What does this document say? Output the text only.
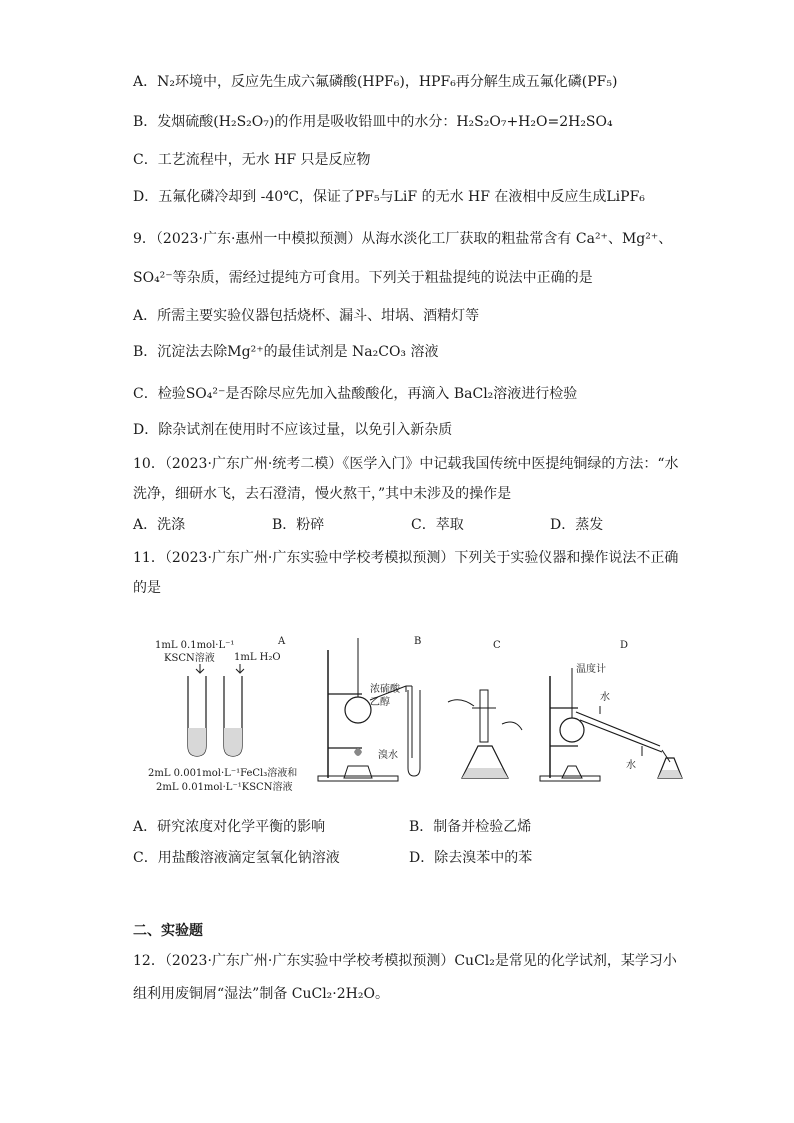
A．N₂环境中，反应先生成六氟磷酸(HPF₆)，HPF₆再分解生成五氟化磷(PF₅)
B．发烟硫酸(H₂S₂O₇)的作用是吸收铅皿中的水分：H₂S₂O₇+H₂O=2H₂SO₄
C．工艺流程中，无水 HF 只是反应物
D．五氟化磷冷却到 -40℃，保证了PF₅与LiF 的无水 HF 在液相中反应生成LiPF₆
9．（2023·广东·惠州一中模拟预测）从海水淡化工厂获取的粗盐常含有 Ca²⁺、Mg²⁺、
SO₄²⁻等杂质，需经过提纯方可食用。下列关于粗盐提纯的说法中正确的是
A．所需主要实验仪器包括烧杯、漏斗、坩埚、酒精灯等
B．沉淀法去除Mg²⁺的最佳试剂是 Na₂CO₃ 溶液
C．检验SO₄²⁻是否除尽应先加入盐酸酸化，再滴入 BaCl₂溶液进行检验
D．除杂试剂在使用时不应该过量，以免引入新杂质
10．（2023·广东广州·统考二模）《医学入门》中记载我国传统中医提纯铜绿的方法：“水
洗净，细研水飞，去石澄清，慢火熬干，”其中未涉及的操作是
A．洗涤	B．粉碎	C．萃取	D．蒸发
11．（2023·广东广州·广东实验中学校考模拟预测）下列关于实验仪器和操作说法不正确
的是
1mL 0.1mol·L⁻¹
KSCN溶液
A
1mL H₂O
2mL 0.001mol·L⁻¹FeCl₃溶液和
2mL 0.01mol·L⁻¹KSCN溶液
B
浓硫酸
乙醇
溴水
C	D
温度计
水
水
A．研究浓度对化学平衡的影响	B．制备并检验乙烯
C．用盐酸溶液滴定氢氧化钠溶液	D．除去溴苯中的苯
二、实验题
12．（2023·广东广州·广东实验中学校考模拟预测）CuCl₂是常见的化学试剂，某学习小
组利用废铜屑“湿法”制备 CuCl₂·2H₂O。
